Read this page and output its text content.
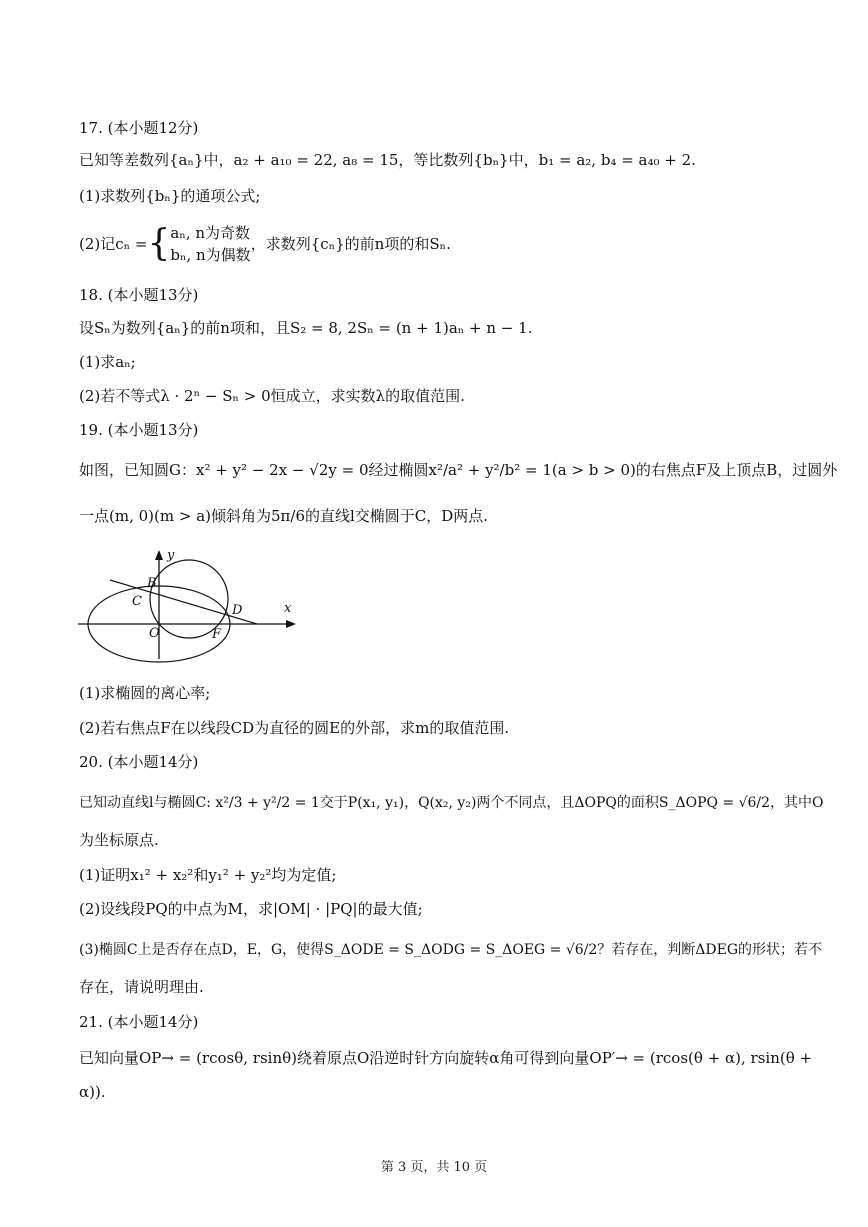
17. (本小题12分)
已知等差数列{aₙ}中，a₂ + a₁₀ = 22, a₈ = 15，等比数列{bₙ}中，b₁ = a₂, b₄ = a₄₀ + 2.
(1)求数列{bₙ}的通项公式;
(2)记cₙ = { aₙ, n为奇数
bₙ, n为偶数
，求数列{cₙ}的前n项的和Sₙ.
18. (本小题13分)
设Sₙ为数列{aₙ}的前n项和，且S₂ = 8, 2Sₙ = (n + 1)aₙ + n − 1.
(1)求aₙ;
(2)若不等式λ · 2ⁿ − Sₙ > 0恒成立，求实数λ的取值范围.
19. (本小题13分)
如图，已知圆G：x² + y² − 2x − √2y = 0经过椭圆x²/a² + y²/b² = 1(a > b > 0)的右焦点F及上顶点B，过圆外
一点(m, 0)(m > a)倾斜角为5π/6的直线l交椭圆于C，D两点.
y
x
B
C
D
O	F
(1)求椭圆的离心率;
(2)若右焦点F在以线段CD为直径的圆E的外部，求m的取值范围.
20. (本小题14分)
已知动直线l与椭圆C: x²/3 + y²/2 = 1交于P(x₁, y₁)，Q(x₂, y₂)两个不同点，且ΔOPQ的面积S_ΔOPQ = √6/2，其中O
为坐标原点.
(1)证明x₁² + x₂²和y₁² + y₂²均为定值;
(2)设线段PQ的中点为M，求|OM| · |PQ|的最大值;
(3)椭圆C上是否存在点D，E，G，使得S_ΔODE = S_ΔODG = S_ΔOEG = √6/2？若存在，判断ΔDEG的形状；若不
存在，请说明理由.
21. (本小题14分)
已知向量OP→ = (rcosθ, rsinθ)绕着原点O沿逆时针方向旋转α角可得到向量OP′→ = (rcos(θ + α), rsin(θ +
α)).
第 3 页，共 10 页
